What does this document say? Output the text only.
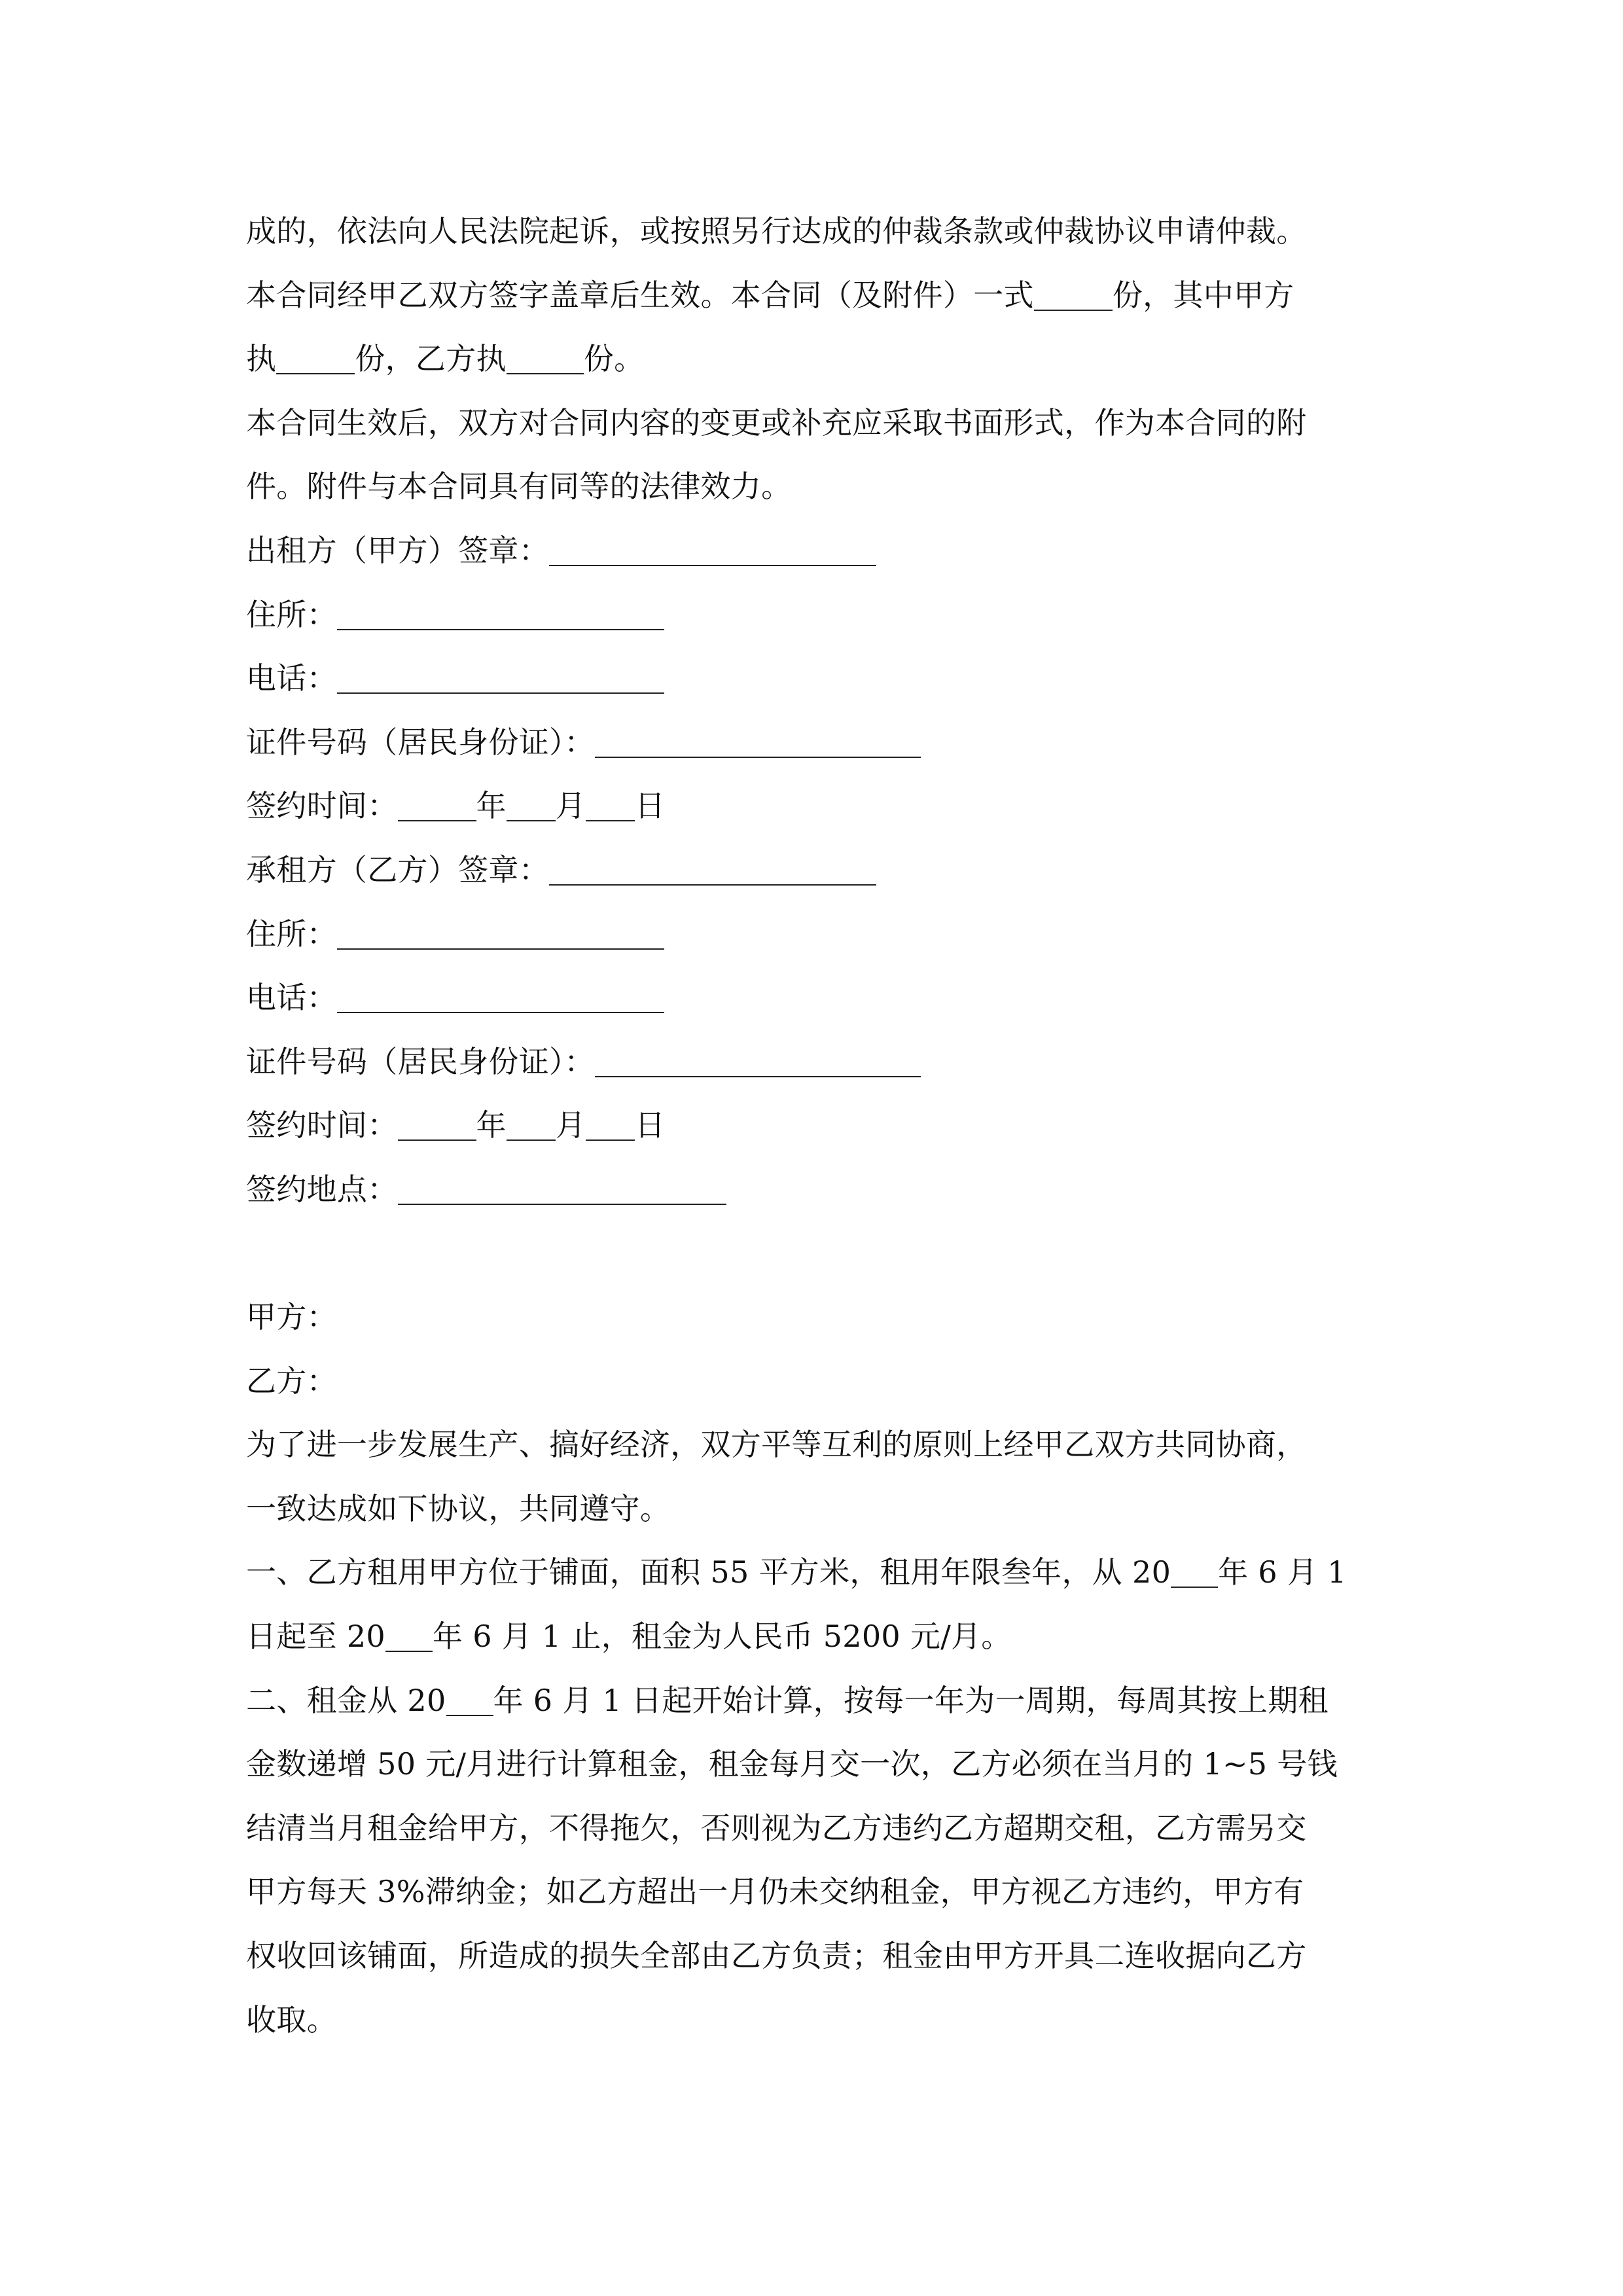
成的，依法向人民法院起诉，或按照另行达成的仲裁条款或仲裁协议申请仲裁。
本合同经甲乙双方签字盖章后生效。本合同（及附件）一式	份，其中甲方
执	份，乙方执	份。
本合同生效后，双方对合同内容的变更或补充应采取书面形式，作为本合同的附
件。附件与本合同具有同等的法律效力。
出租方（甲方）签章：
住所：
电话：
证件号码（居民身份证）：
签约时间：	年 月 日
承租方（乙方）签章：
住所：
电话：
证件号码（居民身份证）：
签约时间：	年 月 日
签约地点：
甲方：
乙方：
为了进一步发展生产、搞好经济，双方平等互利的原则上经甲乙双方共同协商，
一致达成如下协议，共同遵守。
一、乙方租用甲方位于铺面，面积 55 平方米，租用年限叁年，从 20 年 6 月 1
日起至 20 年 6 月 1 止，租金为人民币 5200 元/月。
二、租金从 20 年 6 月 1 日起开始计算，按每一年为一周期，每周其按上期租
金数递增 50 元/月进行计算租金，租金每月交一次，乙方必须在当月的 1~5 号钱
结清当月租金给甲方，不得拖欠，否则视为乙方违约乙方超期交租，乙方需另交
甲方每天 3%滞纳金；如乙方超出一月仍未交纳租金，甲方视乙方违约，甲方有
权收回该铺面，所造成的损失全部由乙方负责；租金由甲方开具二连收据向乙方
收取。
